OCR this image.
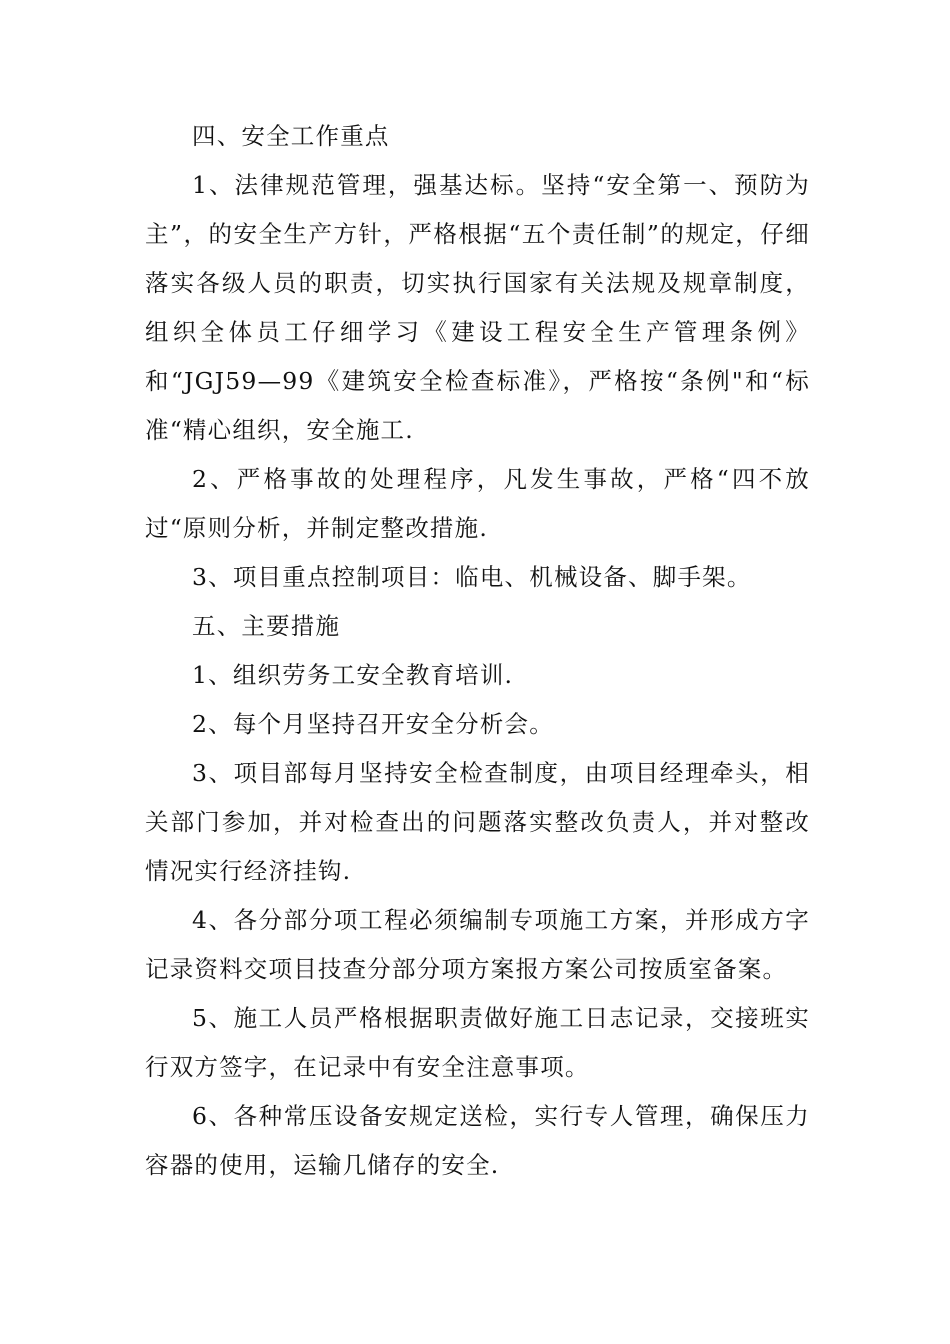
四、安全工作重点

1、法律规范管理，强基达标。坚持“安全第一、预防为主”，的安全生产方针，严格根据“五个责任制”的规定，仔细落实各级人员的职责，切实执行国家有关法规及规章制度，组织全体员工仔细学习《建设工程安全生产管理条例》和“JGJ59—99《建筑安全检查标准》，严格按“条例"和“标准“精心组织，安全施工.

2、严格事故的处理程序，凡发生事故，严格“四不放过“原则分析，并制定整改措施.

3、项目重点控制项目：临电、机械设备、脚手架。

五、主要措施

1、组织劳务工安全教育培训.

2、每个月坚持召开安全分析会。

3、项目部每月坚持安全检查制度，由项目经理牵头，相关部门参加，并对检查出的问题落实整改负责人，并对整改情况实行经济挂钩.

4、各分部分项工程必须编制专项施工方案，并形成方字记录资料交项目技查分部分项方案报方案公司按质室备案。

5、施工人员严格根据职责做好施工日志记录，交接班实行双方签字，在记录中有安全注意事项。

6、各种常压设备安规定送检，实行专人管理，确保压力容器的使用，运输几储存的安全.
